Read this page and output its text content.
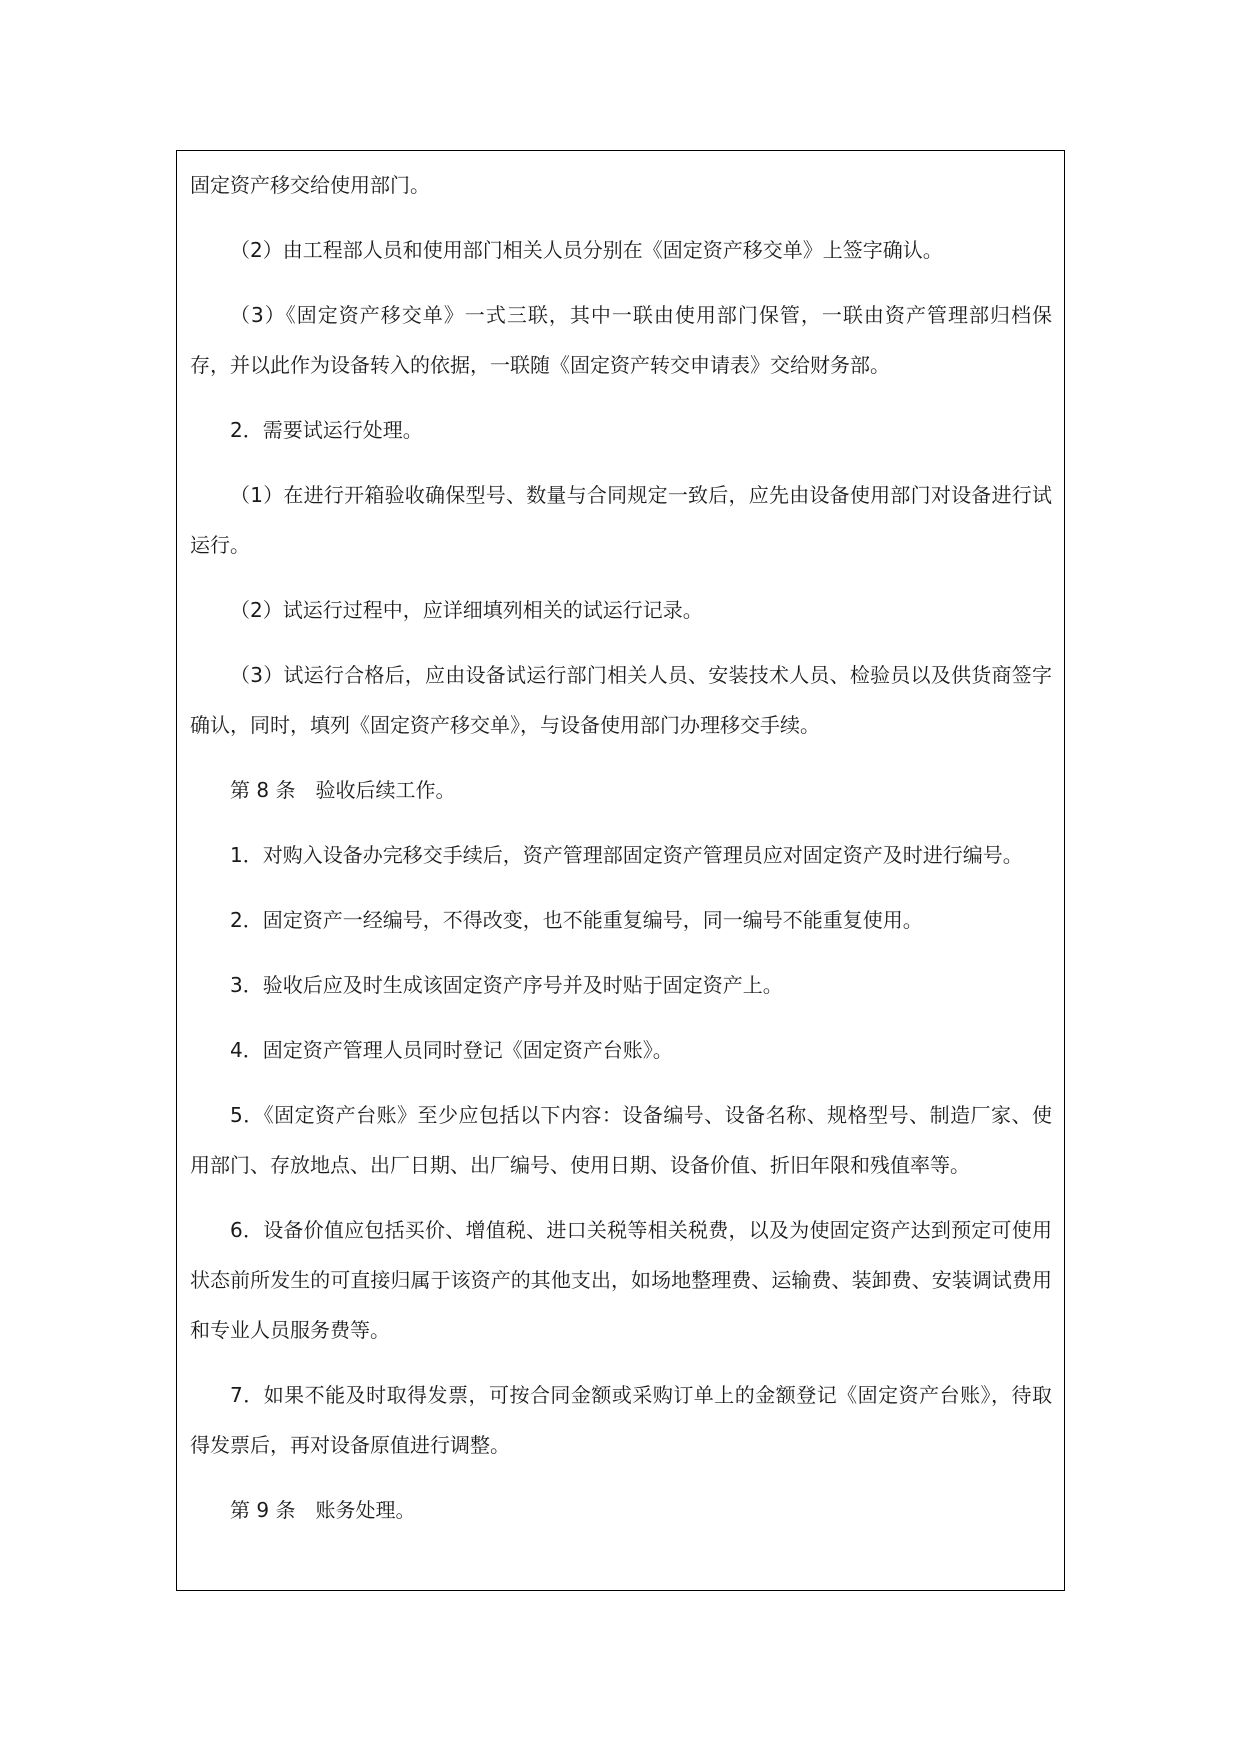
固定资产移交给使用部门。

（2）由工程部人员和使用部门相关人员分别在《固定资产移交单》上签字确认。

（3）《固定资产移交单》一式三联，其中一联由使用部门保管，一联由资产管理部归档保存，并以此作为设备转入的依据，一联随《固定资产转交申请表》交给财务部。

2．需要试运行处理。

（1）在进行开箱验收确保型号、数量与合同规定一致后，应先由设备使用部门对设备进行试运行。

（2）试运行过程中，应详细填列相关的试运行记录。

（3）试运行合格后，应由设备试运行部门相关人员、安装技术人员、检验员以及供货商签字确认，同时，填列《固定资产移交单》，与设备使用部门办理移交手续。

第 8 条　验收后续工作。

1．对购入设备办完移交手续后，资产管理部固定资产管理员应对固定资产及时进行编号。

2．固定资产一经编号，不得改变，也不能重复编号，同一编号不能重复使用。

3．验收后应及时生成该固定资产序号并及时贴于固定资产上。

4．固定资产管理人员同时登记《固定资产台账》。

5．《固定资产台账》至少应包括以下内容：设备编号、设备名称、规格型号、制造厂家、使用部门、存放地点、出厂日期、出厂编号、使用日期、设备价值、折旧年限和残值率等。

6．设备价值应包括买价、增值税、进口关税等相关税费，以及为使固定资产达到预定可使用状态前所发生的可直接归属于该资产的其他支出，如场地整理费、运输费、装卸费、安装调试费用和专业人员服务费等。

7．如果不能及时取得发票，可按合同金额或采购订单上的金额登记《固定资产台账》，待取得发票后，再对设备原值进行调整。

第 9 条　账务处理。
